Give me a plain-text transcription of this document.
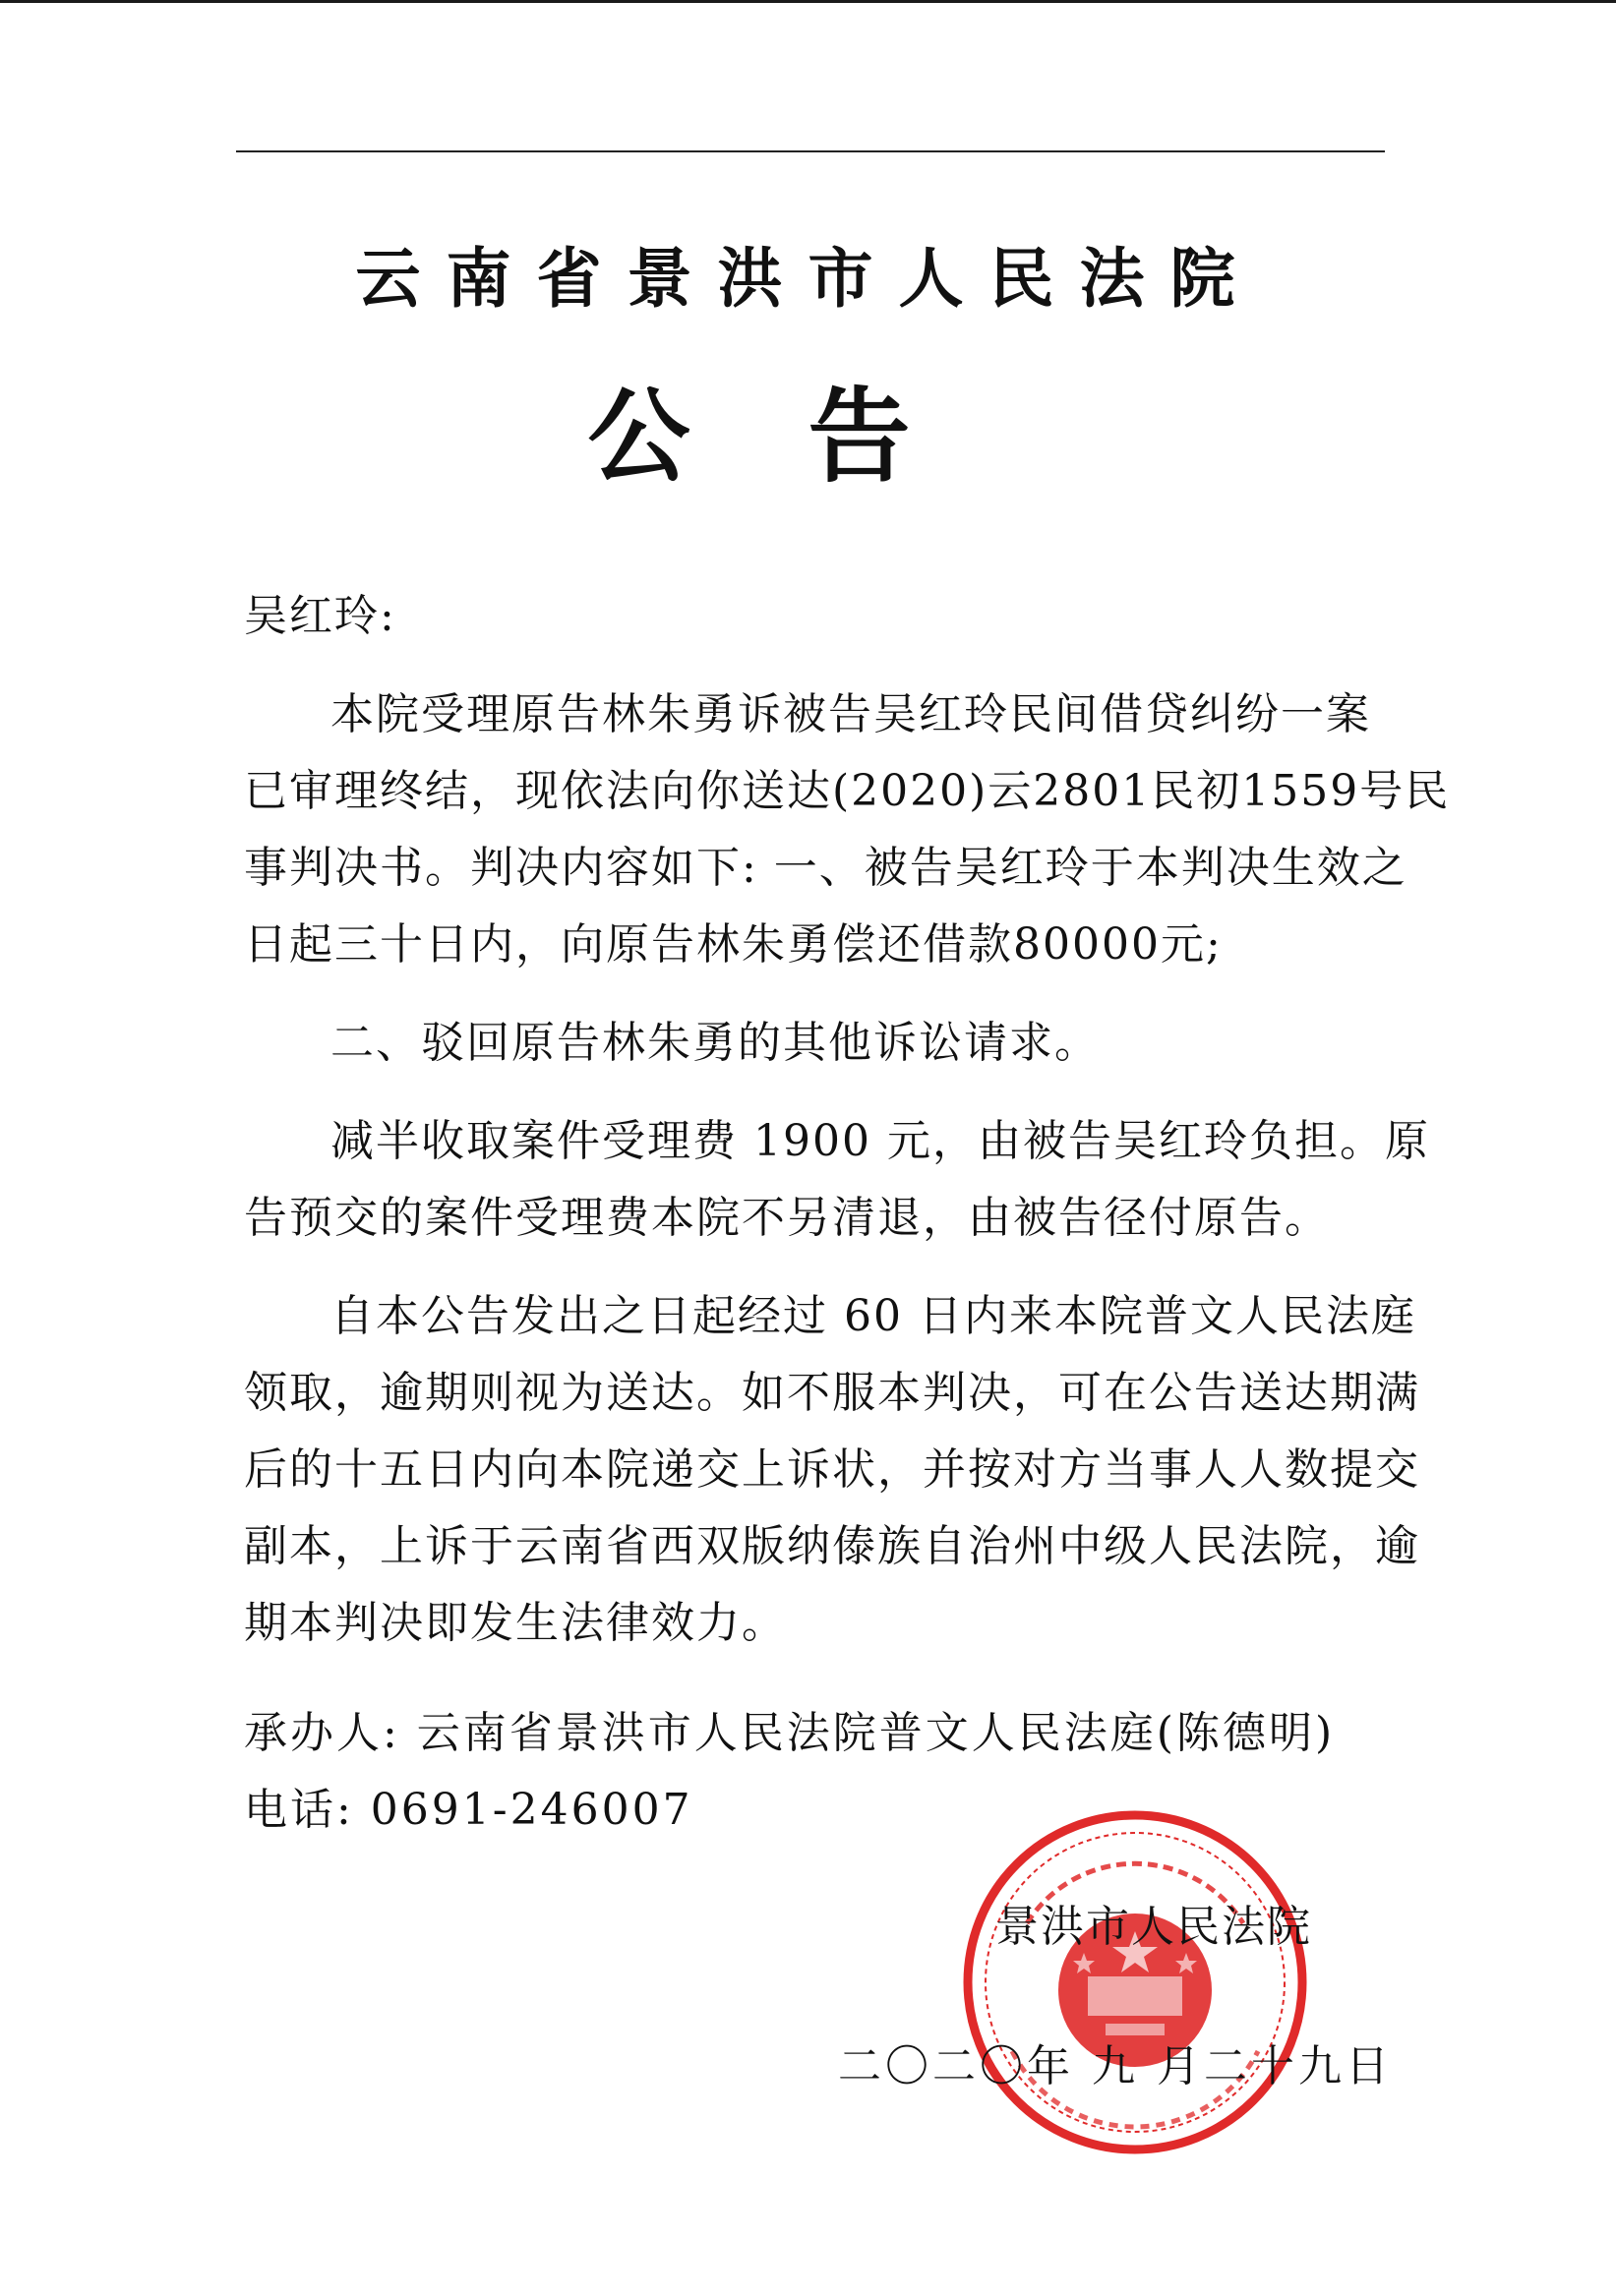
云南省景洪市人民法院
公告
吴红玲:
本院受理原告林朱勇诉被告吴红玲民间借贷纠纷一案
已审理终结，现依法向你送达(2020)云2801民初1559号民
事判决书。判决内容如下: 一、被告吴红玲于本判决生效之
日起三十日内，向原告林朱勇偿还借款80000元;
二、驳回原告林朱勇的其他诉讼请求。
减半收取案件受理费 1900 元，由被告吴红玲负担。原
告预交的案件受理费本院不另清退，由被告径付原告。
自本公告发出之日起经过 60 日内来本院普文人民法庭
领取，逾期则视为送达。如不服本判决，可在公告送达期满
后的十五日内向本院递交上诉状，并按对方当事人人数提交
副本，上诉于云南省西双版纳傣族自治州中级人民法院，逾
期本判决即发生法律效力。
承办人: 云南省景洪市人民法院普文人民法庭(陈德明)
电话: 0691-246007
景洪市人民法院
二〇二〇年 九 月二十九日
